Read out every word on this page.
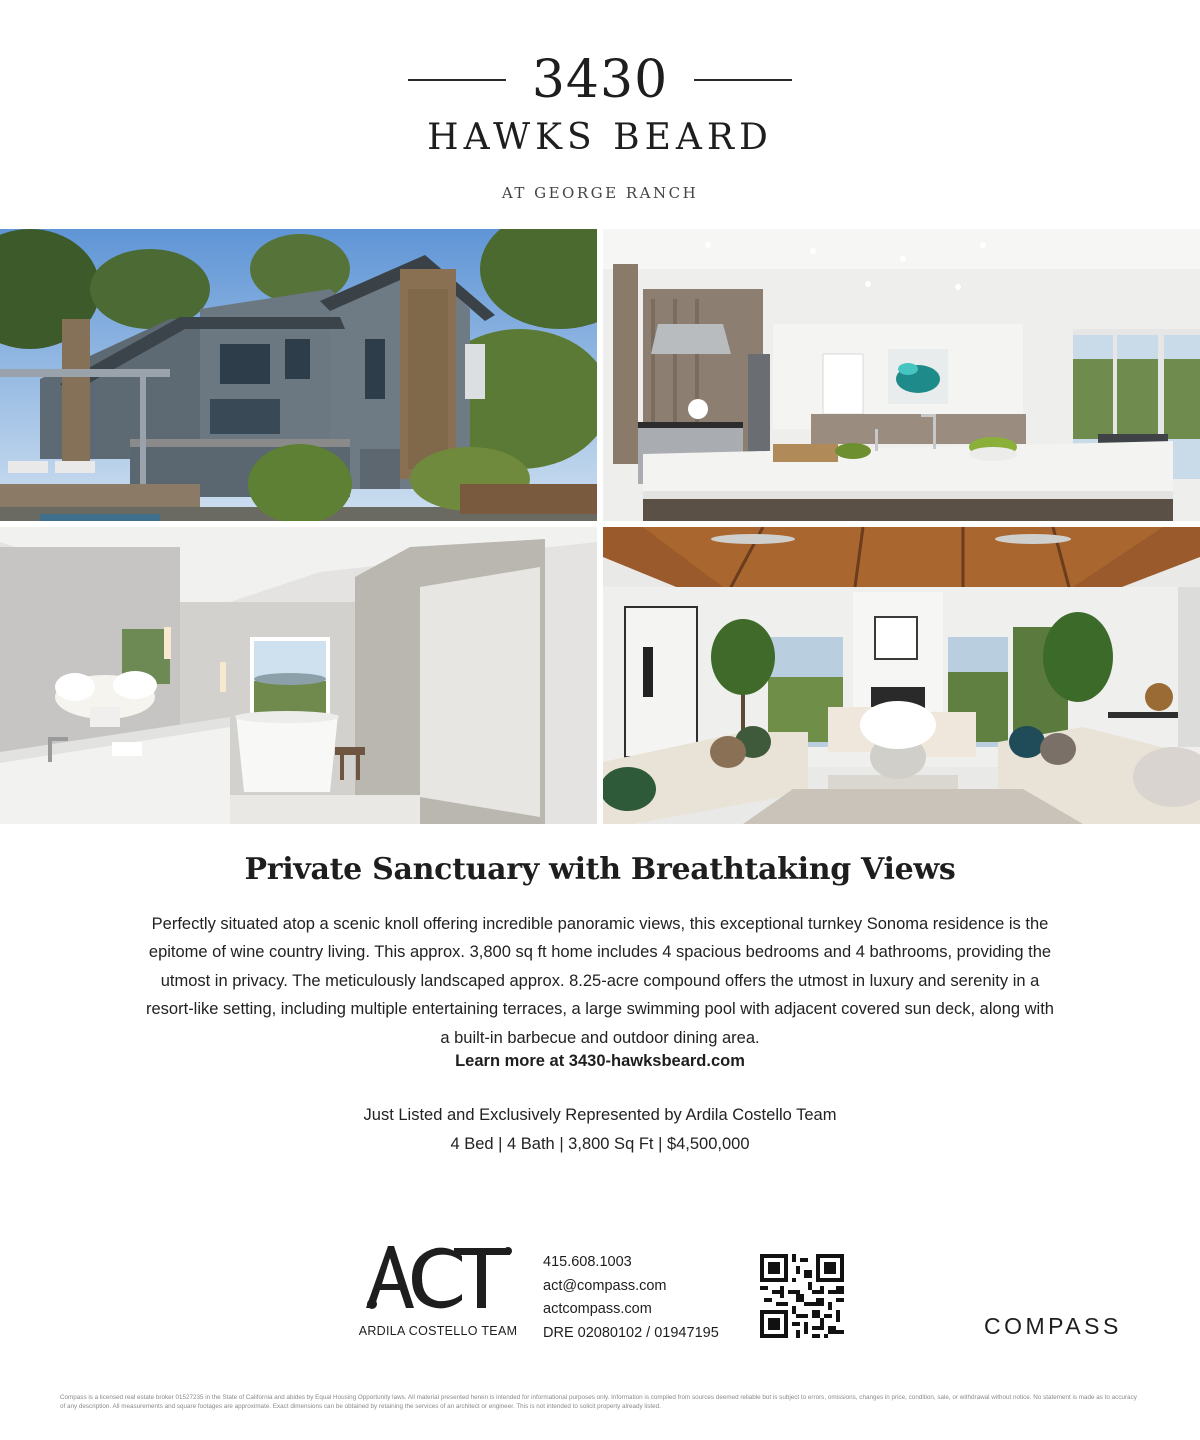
3430
HAWKS BEARD
AT GEORGE RANCH
Private Sanctuary with Breathtaking Views
Perfectly situated atop a scenic knoll offering incredible panoramic views, this exceptional turnkey Sonoma residence is the epitome of wine country living. This approx. 3,800 sq ft home includes 4 spacious bedrooms and 4 bathrooms, providing the utmost in privacy. The meticulously landscaped approx. 8.25-acre compound offers the utmost in luxury and serenity in a resort-like setting, including multiple entertaining terraces, a large swimming pool with adjacent covered sun deck, along with a built-in barbecue and outdoor dining area.
Learn more at 3430-hawksbeard.com
Just Listed and Exclusively Represented by Ardila Costello Team
4 Bed | 4 Bath | 3,800 Sq Ft | $4,500,000
ARDILA COSTELLO TEAM
415.608.1003
act@compass.com
actcompass.com
DRE 02080102 / 01947195	COMPASS
Compass is a licensed real estate broker 01527235 in the State of California and abides by Equal Housing Opportunity laws. All material presented herein is intended for informational purposes only. Information is compiled from sources deemed reliable but is subject to errors, omissions, changes in price, condition, sale, or withdrawal without notice. No statement is made as to accuracy of any description. All measurements and square footages are approximate. Exact dimensions can be obtained by retaining the services of an architect or engineer. This is not intended to solicit property already listed.
